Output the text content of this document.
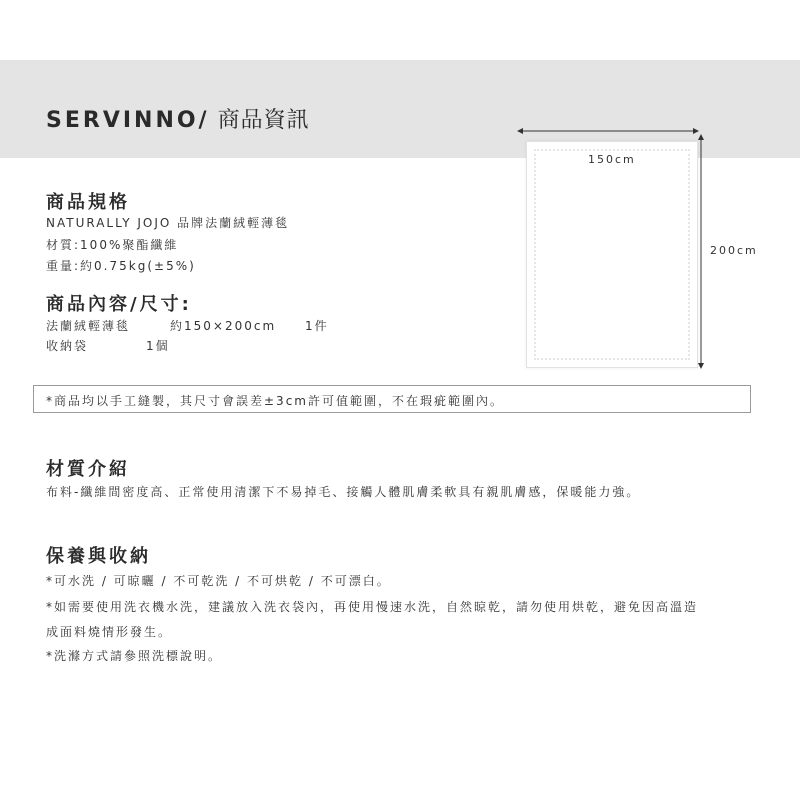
SERVINNO/ 商品資訊
商品規格

NATURALLY JOJO 品牌法蘭絨輕薄毯

材質:100%聚酯纖維

重量:約0.75kg(±5%)

商品內容/尺寸:
法蘭絨輕薄毯	約150×200cm 1件
收納袋	1個
150cm
200cm
*商品均以手工縫製，其尺寸會誤差±3cm許可值範圍，不在瑕疵範圍內。
材質介紹

布料-纖維間密度高、正常使用清潔下不易掉毛、接觸人體肌膚柔軟具有親肌膚感，保暖能力強。

保養與收納

*可水洗 / 可晾曬 / 不可乾洗 / 不可烘乾 / 不可漂白。

*如需要使用洗衣機水洗，建議放入洗衣袋內，再使用慢速水洗，自然晾乾，請勿使用烘乾，避免因高溫造

成面料燒情形發生。

*洗滌方式請參照洗標說明。
